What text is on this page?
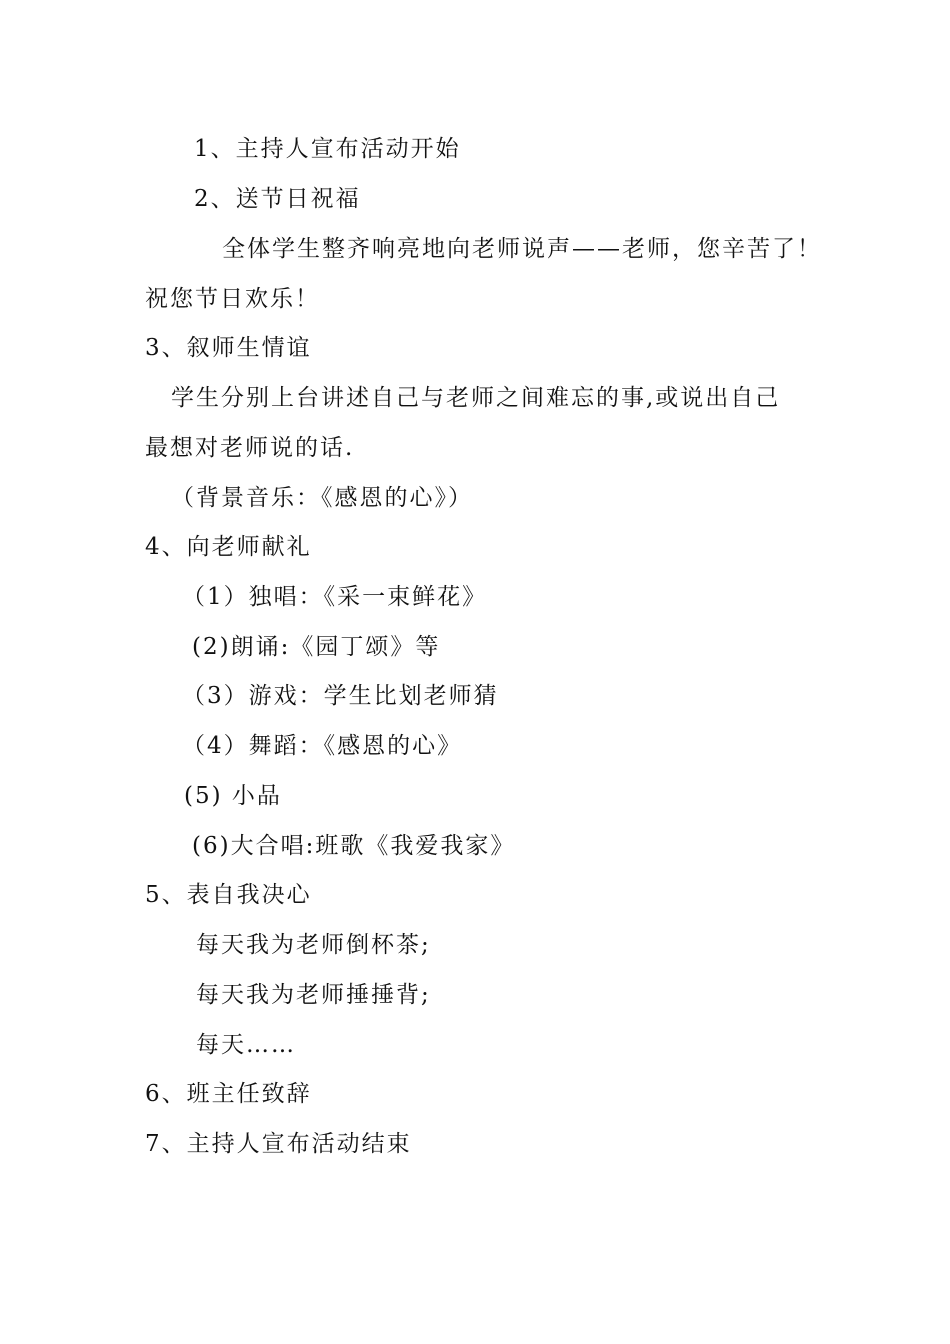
1、主持人宣布活动开始
2、送节日祝福
全体学生整齐响亮地向老师说声——老师，您辛苦了！
祝您节日欢乐！
3、叙师生情谊
学生分别上台讲述自己与老师之间难忘的事,或说出自己
最想对老师说的话.
（背景音乐：《感恩的心》）
4、向老师献礼
（1）独唱：《采一束鲜花》
(2)朗诵:《园丁颂》等
（3）游戏：学生比划老师猜
（4）舞蹈：《感恩的心》
(5) 小品
(6)大合唱:班歌《我爱我家》
5、表自我决心
每天我为老师倒杯茶;
每天我为老师捶捶背;
每天……
6、班主任致辞
7、主持人宣布活动结束
